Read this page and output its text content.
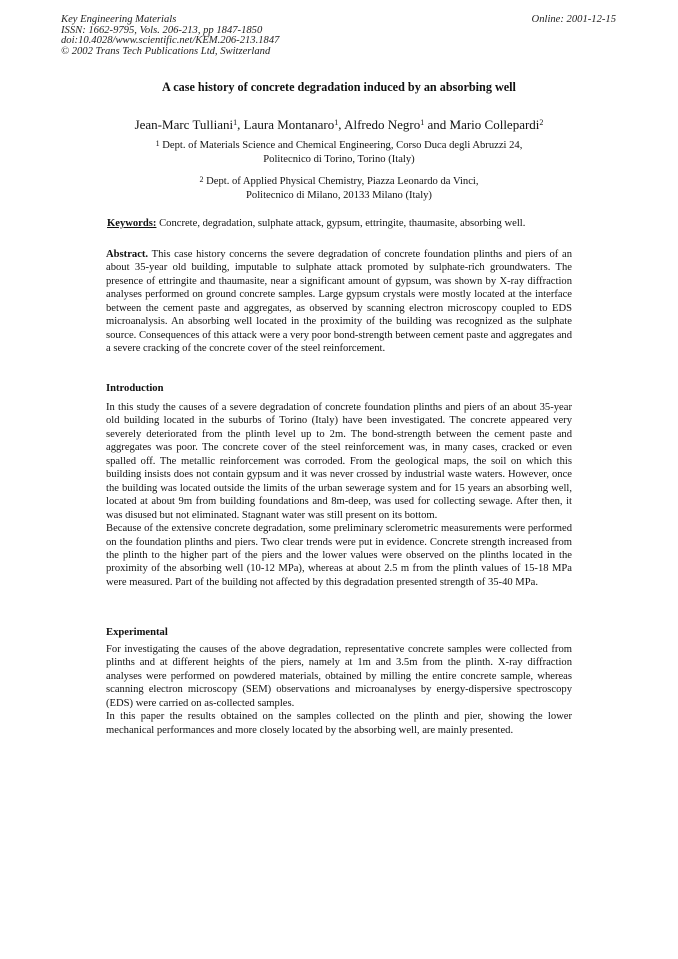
Key Engineering Materials
ISSN: 1662-9795, Vols. 206-213, pp 1847-1850
doi:10.4028/www.scientific.net/KEM.206-213.1847
© 2002 Trans Tech Publications Ltd, Switzerland
Online: 2001-12-15
A case history of concrete degradation induced by an absorbing well
Jean-Marc Tulliani$^1$, Laura Montanaro$^1$, Alfredo Negro$^1$ and Mario Collepardi$^2$
$^1$ Dept. of Materials Science and Chemical Engineering, Corso Duca degli Abruzzi 24,
Politecnico di Torino, Torino (Italy)
$^2$ Dept. of Applied Physical Chemistry, Piazza Leonardo da Vinci,
Politecnico di Milano, 20133 Milano (Italy)
Keywords: Concrete, degradation, sulphate attack, gypsum, ettringite, thaumasite, absorbing well.
Abstract. This case history concerns the severe degradation of concrete foundation plinths and piers of an about 35-year old building, imputable to sulphate attack promoted by sulphate-rich groundwaters. The presence of ettringite and thaumasite, near a significant amount of gypsum, was shown by X-ray diffraction analyses performed on ground concrete samples. Large gypsum crystals were mostly located at the interface between the cement paste and aggregates, as observed by scanning electron microscopy coupled to EDS microanalysis. An absorbing well located in the proximity of the building was recognized as the sulphate source. Consequences of this attack were a very poor bond-strength between cement paste and aggregates and a severe cracking of the concrete cover of the steel reinforcement.
Introduction

In this study the causes of a severe degradation of concrete foundation plinths and piers of an about 35-year old building located in the suburbs of Torino (Italy) have been investigated. The concrete appeared very severely deteriorated from the plinth level up to 2m. The bond-strength between the cement paste and aggregates was poor. The concrete cover of the steel reinforcement was, in many cases, cracked or even spalled off. The metallic reinforcement was corroded. From the geological maps, the soil on which this building insists does not contain gypsum and it was never crossed by industrial waste waters. However, once the building was located outside the limits of the urban sewerage system and for 15 years an absorbing well, located at about 9m from building foundations and 8m-deep, was used for collecting sewage. After then, it was disused but not eliminated. Stagnant water was still present on its bottom.

Because of the extensive concrete degradation, some preliminary sclerometric measurements were performed on the foundation plinths and piers. Two clear trends were put in evidence. Concrete strength increased from the plinth to the higher part of the piers and the lower values were observed on the plinths located in the proximity of the absorbing well (10-12 MPa), whereas at about 2.5 m from the plinth values of 15-18 MPa were measured. Part of the building not affected by this degradation presented strength of 35-40 MPa.

Experimental

For investigating the causes of the above degradation, representative concrete samples were collected from plinths and at different heights of the piers, namely at 1m and 3.5m from the plinth. X-ray diffraction analyses were performed on powdered materials, obtained by milling the entire concrete sample, whereas scanning electron microscopy (SEM) observations and microanalyses by energy-dispersive spectroscopy (EDS) were carried on as-collected samples.

In this paper the results obtained on the samples collected on the plinth and pier, showing the lower mechanical performances and more closely located by the absorbing well, are mainly presented.
